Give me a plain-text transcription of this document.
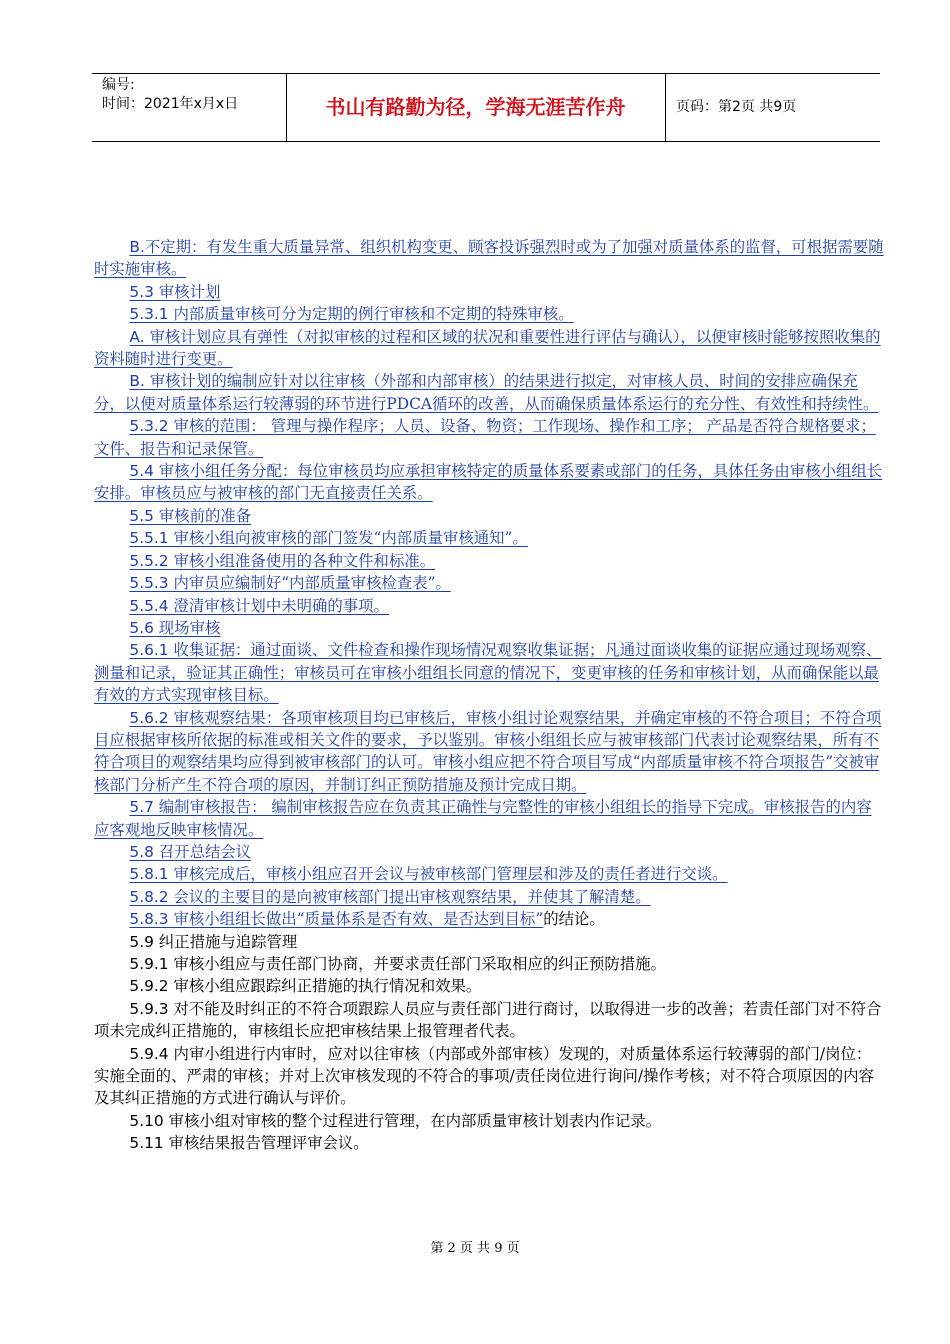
编号:
时间：2021年x月x日	书山有路勤为径，学海无涯苦作舟	页码：第2页 共9页

B.不定期：有发生重大质量异常、组织机构变更、顾客投诉强烈时或为了加强对质量体系的监督，可根据需要随时实施审核。

5.3 审核计划

5.3.1 内部质量审核可分为定期的例行审核和不定期的特殊审核。

A. 审核计划应具有弹性（对拟审核的过程和区域的状况和重要性进行评估与确认），以便审核时能够按照收集的资料随时进行变更。

B. 审核计划的编制应针对以往审核（外部和内部审核）的结果进行拟定，对审核人员、时间的安排应确保充分，以便对质量体系运行较薄弱的环节进行PDCA循环的改善，从而确保质量体系运行的充分性、有效性和持续性。

5.3.2 审核的范围： 管理与操作程序；人员、设备、物资；工作现场、操作和工序； 产品是否符合规格要求；文件、报告和记录保管。

5.4 审核小组任务分配：每位审核员均应承担审核特定的质量体系要素或部门的任务，具体任务由审核小组组长安排。审核员应与被审核的部门无直接责任关系。

5.5 审核前的准备

5.5.1 审核小组向被审核的部门签发“内部质量审核通知”。

5.5.2 审核小组准备使用的各种文件和标准。

5.5.3 内审员应编制好“内部质量审核检查表”。

5.5.4 澄清审核计划中未明确的事项。

5.6 现场审核

5.6.1 收集证据：通过面谈、文件检查和操作现场情况观察收集证据；凡通过面谈收集的证据应通过现场观察、测量和记录，验证其正确性；审核员可在审核小组组长同意的情况下，变更审核的任务和审核计划，从而确保能以最有效的方式实现审核目标。

5.6.2 审核观察结果：各项审核项目均已审核后，审核小组讨论观察结果，并确定审核的不符合项目；不符合项目应根据审核所依据的标准或相关文件的要求，予以鉴别。审核小组组长应与被审核部门代表讨论观察结果，所有不符合项目的观察结果均应得到被审核部门的认可。审核小组应把不符合项目写成“内部质量审核不符合项报告”交被审核部门分析产生不符合项的原因，并制订纠正预防措施及预计完成日期。

5.7 编制审核报告： 编制审核报告应在负责其正确性与完整性的审核小组组长的指导下完成。审核报告的内容应客观地反映审核情况。

5.8 召开总结会议

5.8.1 审核完成后，审核小组应召开会议与被审核部门管理层和涉及的责任者进行交谈。

5.8.2 会议的主要目的是向被审核部门提出审核观察结果，并使其了解清楚。

5.8.3 审核小组组长做出“质量体系是否有效、是否达到目标”的结论。

5.9 纠正措施与追踪管理

5.9.1 审核小组应与责任部门协商，并要求责任部门采取相应的纠正预防措施。

5.9.2 审核小组应跟踪纠正措施的执行情况和效果。

5.9.3 对不能及时纠正的不符合项跟踪人员应与责任部门进行商讨，以取得进一步的改善；若责任部门对不符合项未完成纠正措施的，审核组长应把审核结果上报管理者代表。

5.9.4 内审小组进行内审时，应对以往审核（内部或外部审核）发现的，对质量体系运行较薄弱的部门/岗位：实施全面的、严肃的审核；并对上次审核发现的不符合的事项/责任岗位进行询问/操作考核；对不符合项原因的内容及其纠正措施的方式进行确认与评价。

5.10 审核小组对审核的整个过程进行管理，在内部质量审核计划表内作记录。

5.11 审核结果报告管理评审会议。

第 2 页 共 9 页
